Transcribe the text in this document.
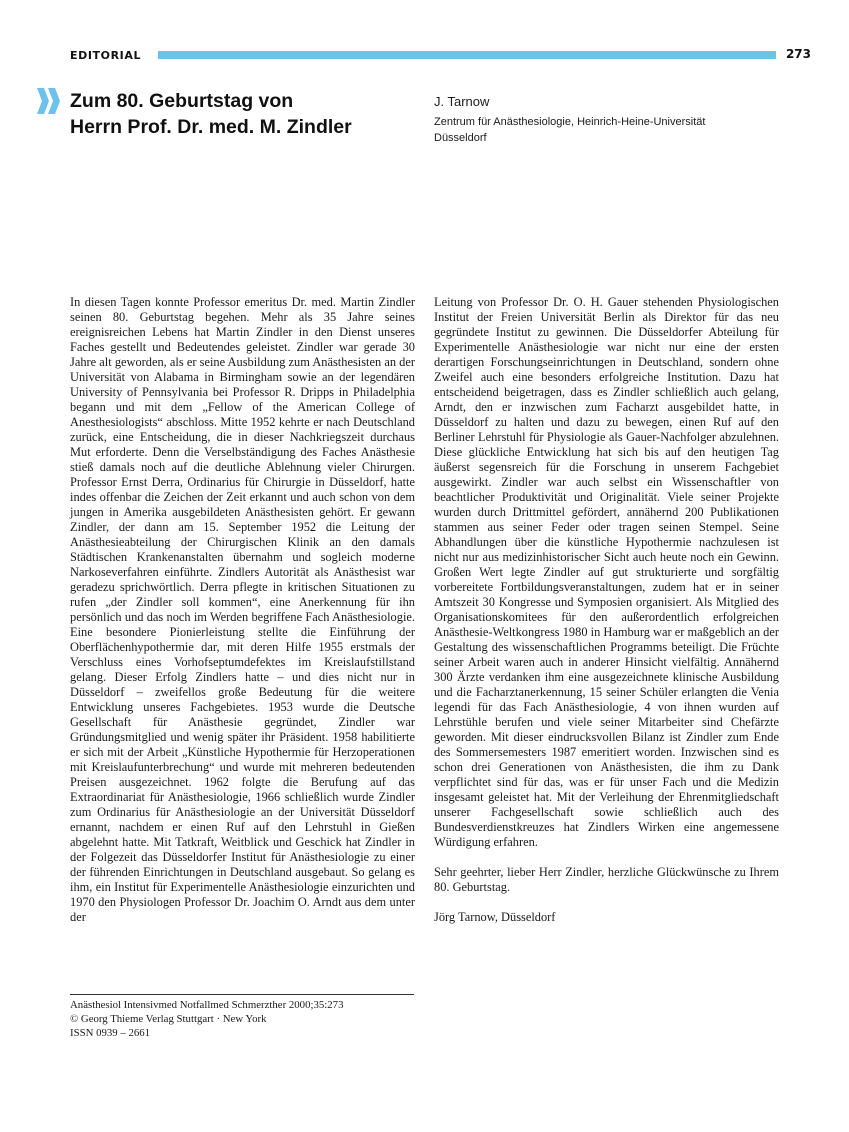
EDITORIAL	273
Zum 80. Geburtstag von
Herrn Prof. Dr. med. M. Zindler
J. Tarnow
Zentrum für Anästhesiologie, Heinrich-Heine-Universität
Düsseldorf

In diesen Tagen konnte Professor emeritus Dr. med. Martin Zindler seinen 80. Geburtstag begehen. Mehr als 35 Jahre seines ereignisreichen Lebens hat Martin Zindler in den Dienst unseres Faches gestellt und Bedeutendes geleistet. Zindler war gerade 30 Jahre alt geworden, als er seine Ausbildung zum Anästhesisten an der Universität von Alabama in Birmingham sowie an der legendären University of Pennsylvania bei Professor R. Dripps in Philadelphia begann und mit dem „Fellow of the American College of Anesthesiologists“ abschloss. Mitte 1952 kehrte er nach Deutschland zurück, eine Entscheidung, die in dieser Nachkriegszeit durchaus Mut erforderte. Denn die Verselbständigung des Faches Anästhesie stieß damals noch auf die deutliche Ablehnung vieler Chirurgen. Professor Ernst Derra, Ordinarius für Chirurgie in Düsseldorf, hatte indes offenbar die Zeichen der Zeit erkannt und auch schon von dem jungen in Amerika ausgebildeten Anästhesisten gehört. Er gewann Zindler, der dann am 15. September 1952 die Leitung der Anästhesieabteilung der Chirurgischen Klinik an den damals Städtischen Krankenanstalten übernahm und sogleich moderne Narkoseverfahren einführte. Zindlers Autorität als Anästhesist war geradezu sprichwörtlich. Derra pflegte in kritischen Situationen zu rufen „der Zindler soll kommen“, eine Anerkennung für ihn persönlich und das noch im Werden begriffene Fach Anästhesiologie. Eine besondere Pionierleistung stellte die Einführung der Oberflächenhypothermie dar, mit deren Hilfe 1955 erstmals der Verschluss eines Vorhofseptumdefektes im Kreislaufstillstand gelang. Dieser Erfolg Zindlers hatte – und dies nicht nur in Düsseldorf – zweifellos große Bedeutung für die weitere Entwicklung unseres Fachgebietes. 1953 wurde die Deutsche Gesellschaft für Anästhesie gegründet, Zindler war Gründungsmitglied und wenig später ihr Präsident. 1958 habilitierte er sich mit der Arbeit „Künstliche Hypothermie für Herzoperationen mit Kreislaufunterbrechung“ und wurde mit mehreren bedeutenden Preisen ausgezeichnet. 1962 folgte die Berufung auf das Extraordinariat für Anästhesiologie, 1966 schließlich wurde Zindler zum Ordinarius für Anästhesiologie an der Universität Düsseldorf ernannt, nachdem er einen Ruf auf den Lehrstuhl in Gießen abgelehnt hatte. Mit Tatkraft, Weitblick und Geschick hat Zindler in der Folgezeit das Düsseldorfer Institut für Anästhesiologie zu einer der führenden Einrichtungen in Deutschland ausgebaut. So gelang es ihm, ein Institut für Experimentelle Anästhesiologie einzurichten und 1970 den Physiologen Professor Dr. Joachim O. Arndt aus dem unter der

Leitung von Professor Dr. O. H. Gauer stehenden Physiologischen Institut der Freien Universität Berlin als Direktor für das neu gegründete Institut zu gewinnen. Die Düsseldorfer Abteilung für Experimentelle Anästhesiologie war nicht nur eine der ersten derartigen Forschungseinrichtungen in Deutschland, sondern ohne Zweifel auch eine besonders erfolgreiche Institution. Dazu hat entscheidend beigetragen, dass es Zindler schließlich auch gelang, Arndt, den er inzwischen zum Facharzt ausgebildet hatte, in Düsseldorf zu halten und dazu zu bewegen, einen Ruf auf den Berliner Lehrstuhl für Physiologie als Gauer-Nachfolger abzulehnen. Diese glückliche Entwicklung hat sich bis auf den heutigen Tag äußerst segensreich für die Forschung in unserem Fachgebiet ausgewirkt. Zindler war auch selbst ein Wissenschaftler von beachtlicher Produktivität und Originalität. Viele seiner Projekte wurden durch Drittmittel gefördert, annähernd 200 Publikationen stammen aus seiner Feder oder tragen seinen Stempel. Seine Abhandlungen über die künstliche Hypothermie nachzulesen ist nicht nur aus medizinhistorischer Sicht auch heute noch ein Gewinn. Großen Wert legte Zindler auf gut strukturierte und sorgfältig vorbereitete Fortbildungsveranstaltungen, zudem hat er in seiner Amtszeit 30 Kongresse und Symposien organisiert. Als Mitglied des Organisationskomitees für den außerordentlich erfolgreichen Anästhesie-Weltkongress 1980 in Hamburg war er maßgeblich an der Gestaltung des wissenschaftlichen Programms beteiligt. Die Früchte seiner Arbeit waren auch in anderer Hinsicht vielfältig. Annähernd 300 Ärzte verdanken ihm eine ausgezeichnete klinische Ausbildung und die Facharztanerkennung, 15 seiner Schüler erlangten die Venia legendi für das Fach Anästhesiologie, 4 von ihnen wurden auf Lehrstühle berufen und viele seiner Mitarbeiter sind Chefärzte geworden. Mit dieser eindrucksvollen Bilanz ist Zindler zum Ende des Sommersemesters 1987 emeritiert worden. Inzwischen sind es schon drei Generationen von Anästhesisten, die ihm zu Dank verpflichtet sind für das, was er für unser Fach und die Medizin insgesamt geleistet hat. Mit der Verleihung der Ehrenmitgliedschaft unserer Fachgesellschaft sowie schließlich auch des Bundesverdienstkreuzes hat Zindlers Wirken eine angemessene Würdigung erfahren.

Sehr geehrter, lieber Herr Zindler, herzliche Glückwünsche zu Ihrem 80. Geburtstag.

Jörg Tarnow, Düsseldorf

Anästhesiol Intensivmed Notfallmed Schmerzther 2000;35:273
© Georg Thieme Verlag Stuttgart · New York
ISSN 0939 – 2661
